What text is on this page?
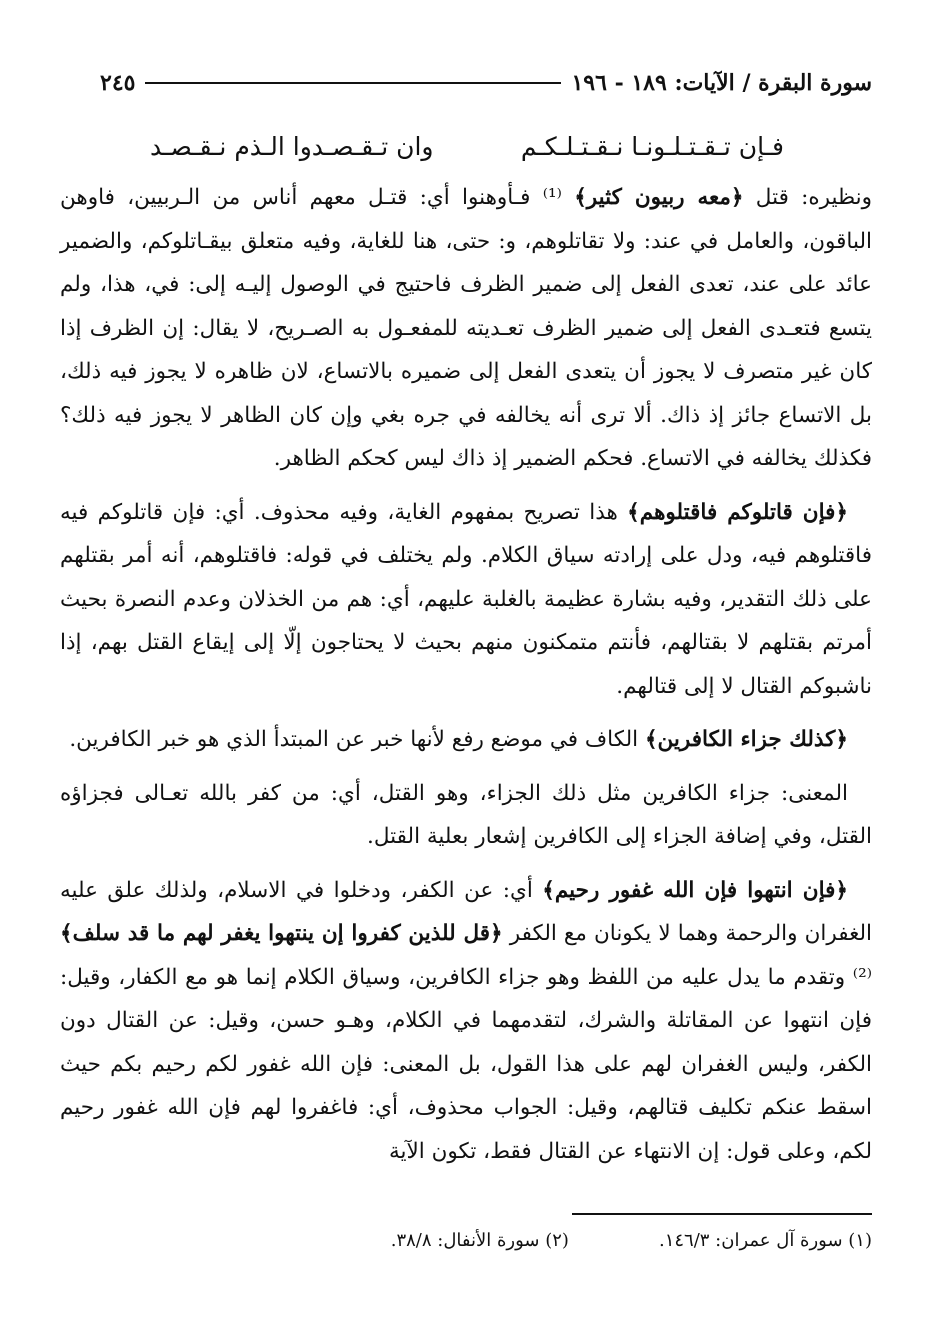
سورة البقرة / الآيات: ١٨٩ - ١٩٦
٢٤٥
فـإن تـقـتـلـونـا نـقـتـلـكـم
وان تـقـصـدوا الـذم نـقـصـد

ونظيره: قتل ﴿معه ربيون كثير﴾ ⁽¹⁾ فـأوهنوا أي: قتـل معهم أناس من الـربيين، فاوهن الباقون، والعامل في عند: ولا تقاتلوهم، و: حتى، هنا للغاية، وفيه متعلق بيقـاتلوكم، والضمير عائد على عند، تعدى الفعل إلى ضمير الظرف فاحتيج في الوصول إليـه إلى: في، هذا، ولم يتسع فتعـدى الفعل إلى ضمير الظرف تعـديته للمفعـول به الصـريح، لا يقال: إن الظرف إذا كان غير متصرف لا يجوز أن يتعدى الفعل إلى ضميره بالاتساع، لان ظاهره لا يجوز فيه ذلك، بل الاتساع جائز إذ ذاك. ألا ترى أنه يخالفه في جره بغي وإن كان الظاهر لا يجوز فيه ذلك؟ فكذلك يخالفه في الاتساع. فحكم الضمير إذ ذاك ليس كحكم الظاهر.

﴿فإن قاتلوكم فاقتلوهم﴾ هذا تصريح بمفهوم الغاية، وفيه محذوف. أي: فإن قاتلوكم فيه فاقتلوهم فيه، ودل على إرادته سياق الكلام. ولم يختلف في قوله: فاقتلوهم، أنه أمر بقتلهم على ذلك التقدير، وفيه بشارة عظيمة بالغلبة عليهم، أي: هم من الخذلان وعدم النصرة بحيث أمرتم بقتلهم لا بقتالهم، فأنتم متمكنون منهم بحيث لا يحتاجون إلّا إلى إيقاع القتل بهم، إذا ناشبوكم القتال لا إلى قتالهم.

﴿كذلك جزاء الكافرين﴾ الكاف في موضع رفع لأنها خبر عن المبتدأ الذي هو خبر الكافرين.

المعنى: جزاء الكافرين مثل ذلك الجزاء، وهو القتل، أي: من كفر بالله تعـالى فجزاؤه القتل، وفي إضافة الجزاء إلى الكافرين إشعار بعلية القتل.

﴿فإن انتهوا فإن الله غفور رحيم﴾ أي: عن الكفر، ودخلوا في الاسلام، ولذلك علق عليه الغفران والرحمة وهما لا يكونان مع الكفر ﴿قل للذين كفروا إن ينتهوا يغفر لهم ما قد سلف﴾⁽²⁾ وتقدم ما يدل عليه من اللفظ وهو جزاء الكافرين، وسياق الكلام إنما هو مع الكفار، وقيل: فإن انتهوا عن المقاتلة والشرك، لتقدمهما في الكلام، وهـو حسن، وقيل: عن القتال دون الكفر، وليس الغفران لهم على هذا القول، بل المعنى: فإن الله غفور لكم رحيم بكم حيث اسقط عنكم تكليف قتالهم، وقيل: الجواب محذوف، أي: فاغفروا لهم فإن الله غفور رحيم لكم، وعلى قول: إن الانتهاء عن القتال فقط، تكون الآية

(١) سورة آل عمران: ١٤٦/٣.
(٢) سورة الأنفال: ٣٨/٨.
